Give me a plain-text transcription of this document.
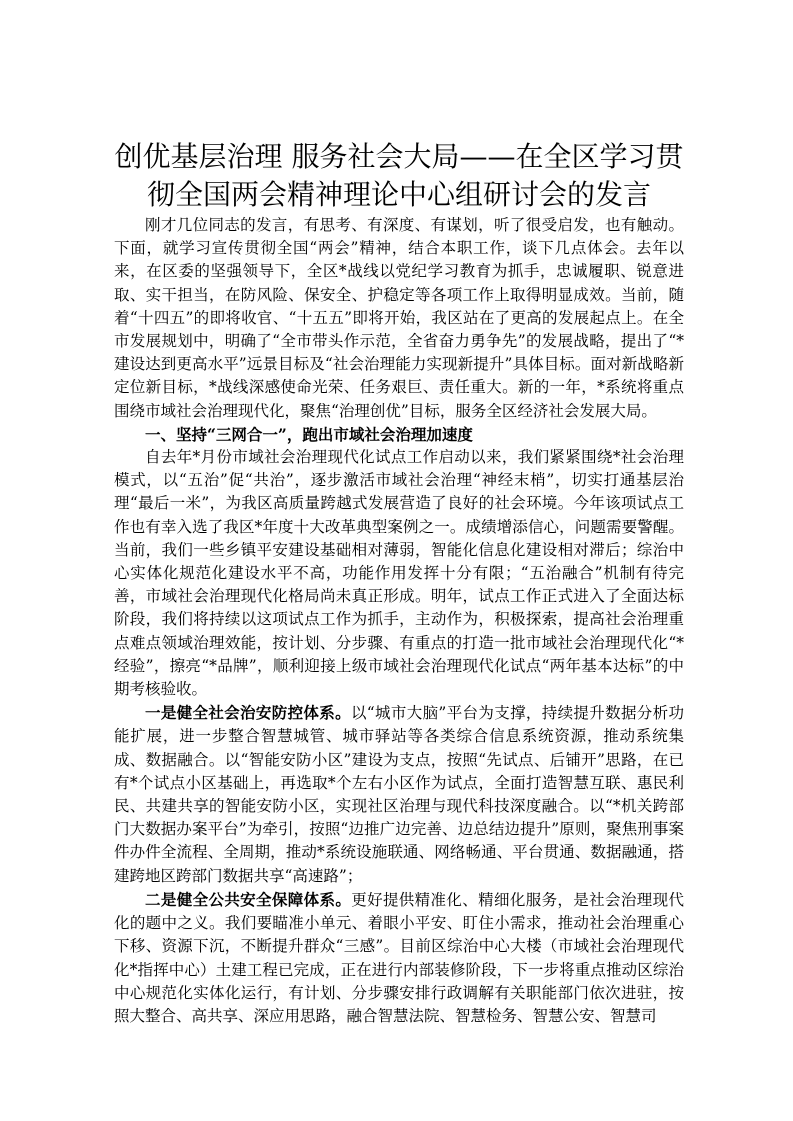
创优基层治理 服务社会大局——在全区学习贯彻全国两会精神理论中心组研讨会的发言

刚才几位同志的发言，有思考、有深度、有谋划，听了很受启发，也有触动。下面，就学习宣传贯彻全国“两会”精神，结合本职工作，谈下几点体会。去年以来，在区委的坚强领导下，全区*战线以党纪学习教育为抓手，忠诚履职、锐意进取、实干担当，在防风险、保安全、护稳定等各项工作上取得明显成效。当前，随着“十四五”的即将收官、“十五五”即将开始，我区站在了更高的发展起点上。在全市发展规划中，明确了“全市带头作示范，全省奋力勇争先”的发展战略，提出了“*建设达到更高水平”远景目标及“社会治理能力实现新提升”具体目标。面对新战略新定位新目标，*战线深感使命光荣、任务艰巨、责任重大。新的一年，*系统将重点围绕市域社会治理现代化，聚焦“治理创优”目标，服务全区经济社会发展大局。

一、坚持“三网合一”，跑出市域社会治理加速度

自去年*月份市域社会治理现代化试点工作启动以来，我们紧紧围绕*社会治理模式，以“五治”促“共治”，逐步激活市域社会治理“神经末梢”，切实打通基层治理“最后一米”，为我区高质量跨越式发展营造了良好的社会环境。今年该项试点工作也有幸入选了我区*年度十大改革典型案例之一。成绩增添信心，问题需要警醒。当前，我们一些乡镇平安建设基础相对薄弱，智能化信息化建设相对滞后；综治中心实体化规范化建设水平不高，功能作用发挥十分有限；“五治融合”机制有待完善，市域社会治理现代化格局尚未真正形成。明年，试点工作正式进入了全面达标阶段，我们将持续以这项试点工作为抓手，主动作为，积极探索，提高社会治理重点难点领域治理效能，按计划、分步骤、有重点的打造一批市域社会治理现代化“*经验”，擦亮“*品牌”，顺利迎接上级市域社会治理现代化试点“两年基本达标”的中期考核验收。

一是健全社会治安防控体系。以“城市大脑”平台为支撑，持续提升数据分析功能扩展，进一步整合智慧城管、城市驿站等各类综合信息系统资源，推动系统集成、数据融合。以“智能安防小区”建设为支点，按照“先试点、后铺开”思路，在已有*个试点小区基础上，再选取*个左右小区作为试点，全面打造智慧互联、惠民利民、共建共享的智能安防小区，实现社区治理与现代科技深度融合。以“*机关跨部门大数据办案平台”为牵引，按照“边推广边完善、边总结边提升”原则，聚焦刑事案件办件全流程、全周期，推动*系统设施联通、网络畅通、平台贯通、数据融通，搭建跨地区跨部门数据共享“高速路”；

二是健全公共安全保障体系。更好提供精准化、精细化服务，是社会治理现代化的题中之义。我们要瞄准小单元、着眼小平安、盯住小需求，推动社会治理重心下移、资源下沉，不断提升群众“三感”。目前区综治中心大楼（市域社会治理现代化*指挥中心）土建工程已完成，正在进行内部装修阶段，下一步将重点推动区综治中心规范化实体化运行，有计划、分步骤安排行政调解有关职能部门依次进驻，按照大整合、高共享、深应用思路，融合智慧法院、智慧检务、智慧公安、智慧司
